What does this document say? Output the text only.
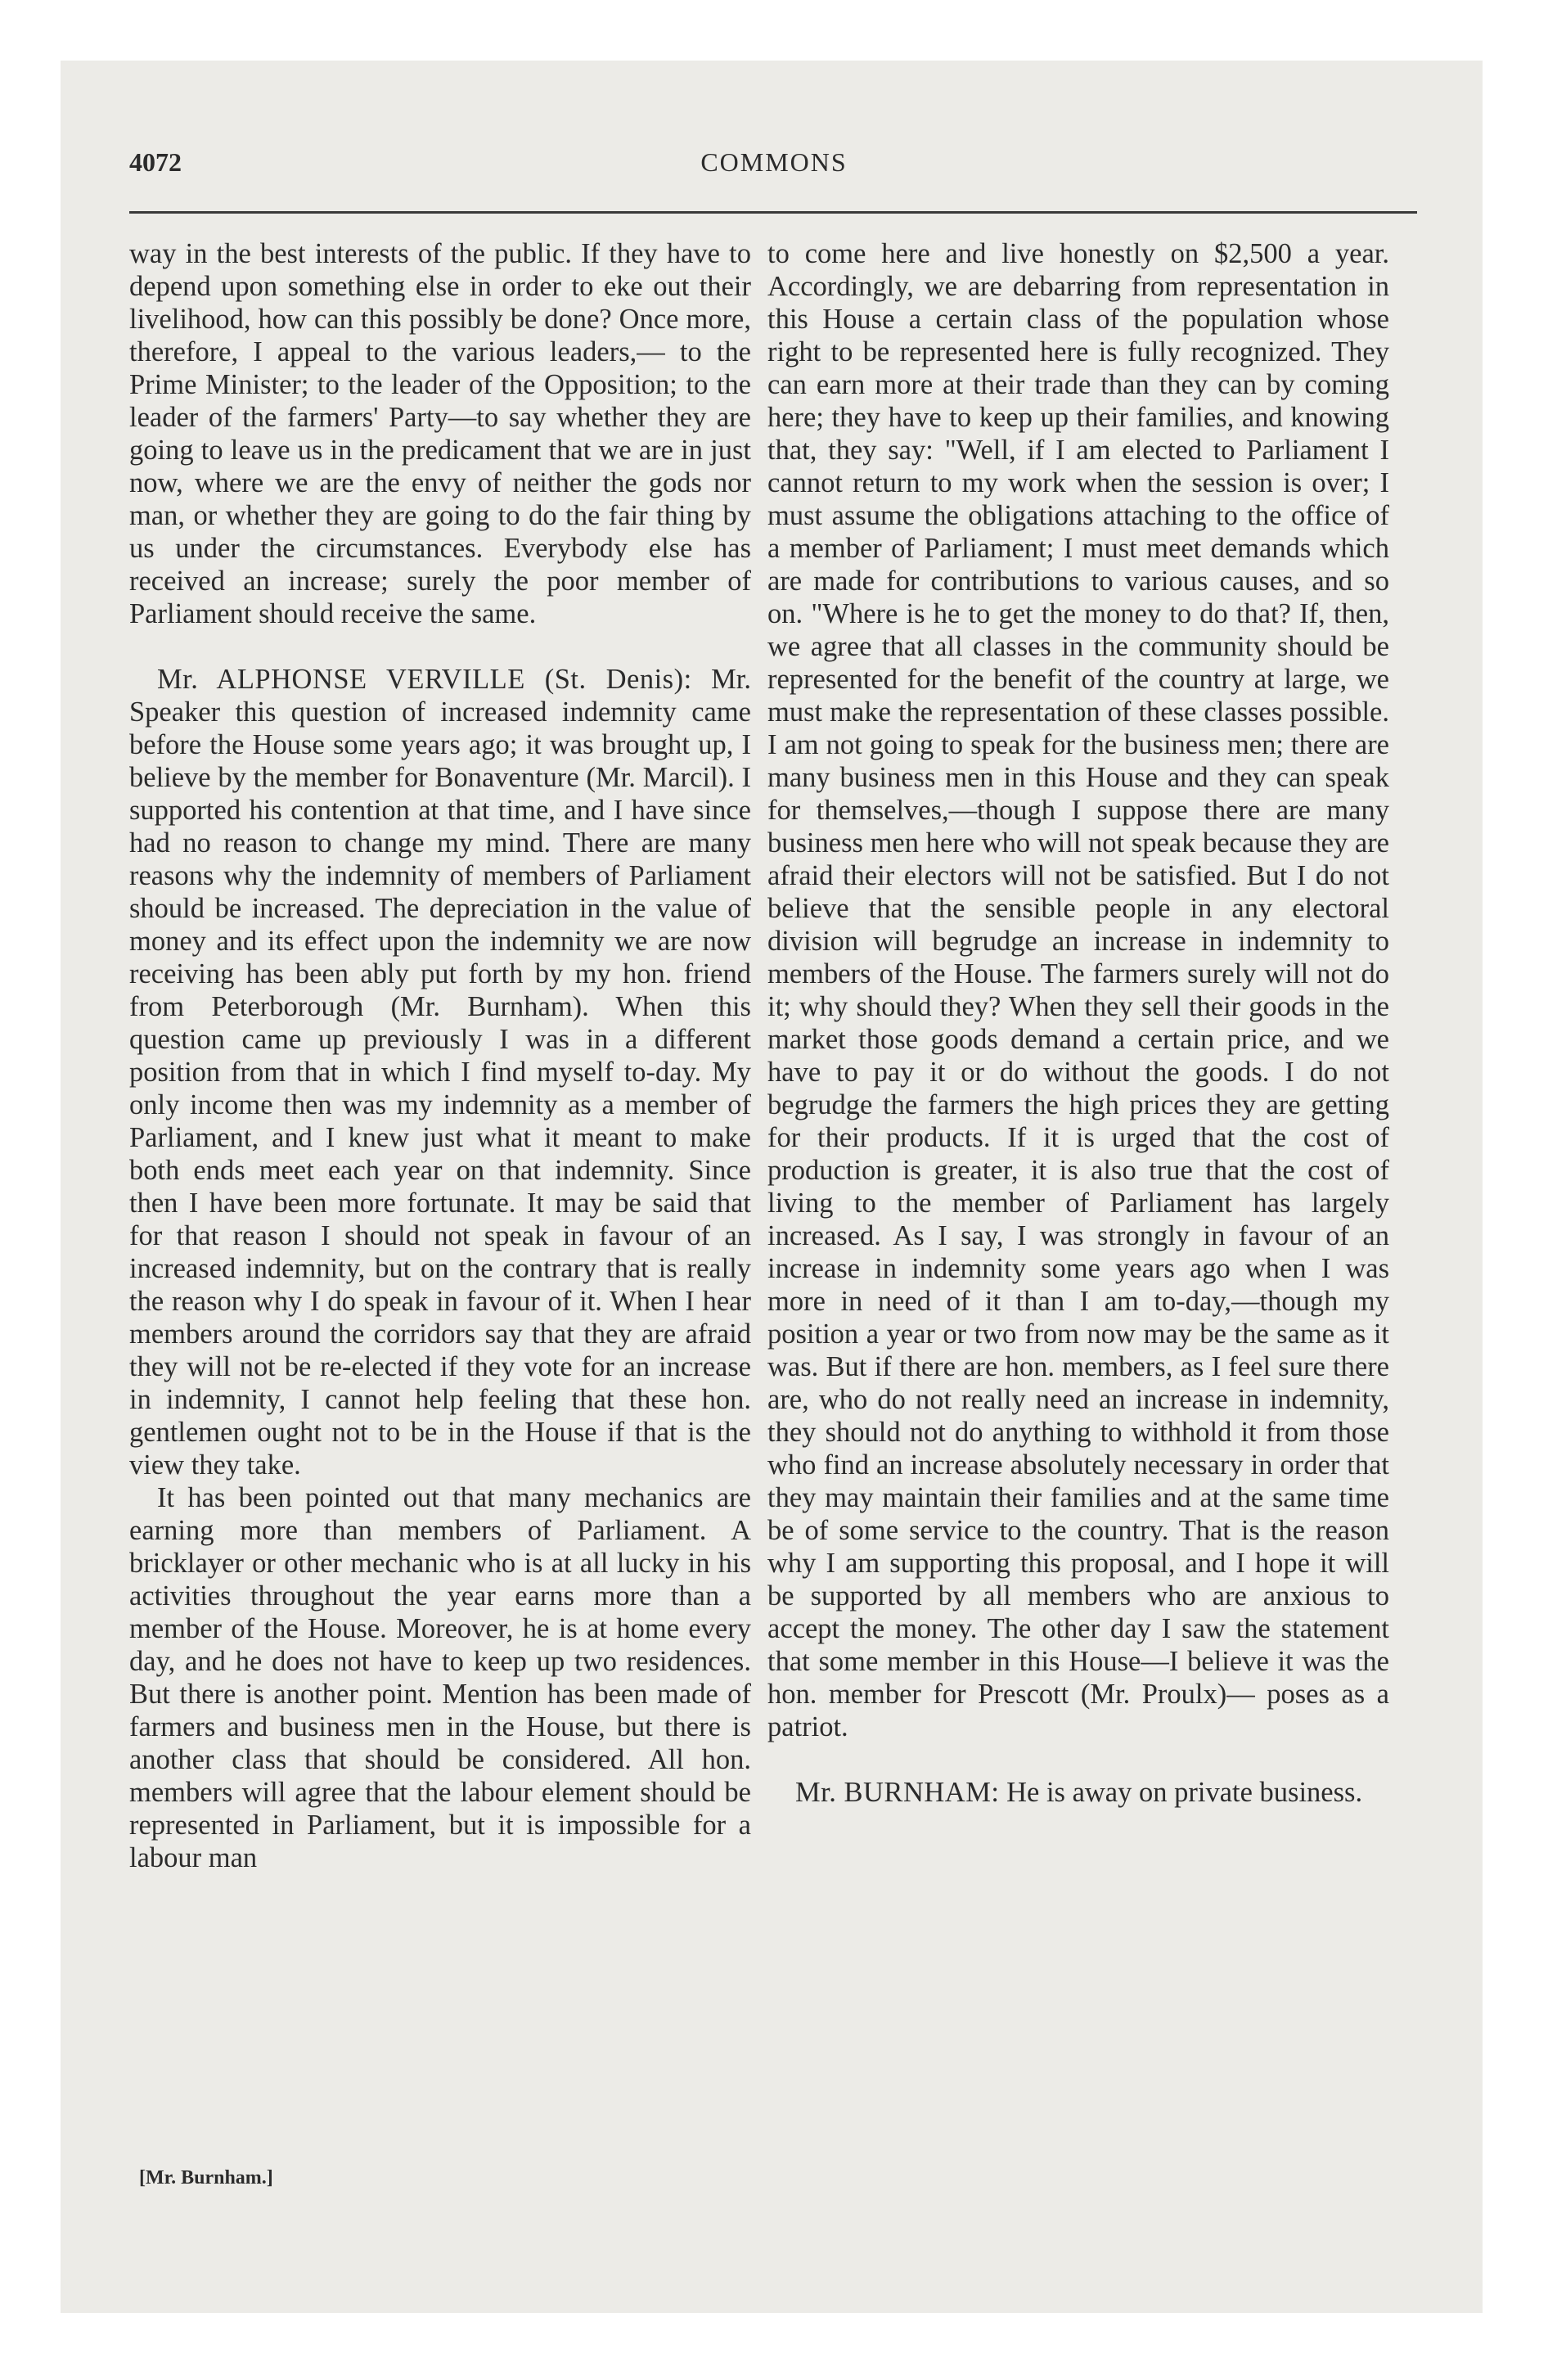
4072	COMMONS

way in the best interests of the public. If they have to depend upon something else in order to eke out their livelihood, how can this possibly be done? Once more, therefore, I appeal to the various leaders,— to the Prime Minister; to the leader of the Opposition; to the leader of the farmers' Party—to say whether they are going to leave us in the predicament that we are in just now, where we are the envy of neither the gods nor man, or whether they are going to do the fair thing by us under the circumstances. Everybody else has received an increase; surely the poor member of Parliament should receive the same.

Mr. ALPHONSE VERVILLE (St. Denis): Mr. Speaker this question of increased indemnity came before the House some years ago; it was brought up, I believe by the member for Bonaventure (Mr. Marcil). I supported his contention at that time, and I have since had no reason to change my mind. There are many reasons why the indemnity of members of Parliament should be increased. The depreciation in the value of money and its effect upon the indemnity we are now receiving has been ably put forth by my hon. friend from Peterborough (Mr. Burnham). When this question came up previously I was in a different position from that in which I find myself to-day. My only income then was my indemnity as a member of Parliament, and I knew just what it meant to make both ends meet each year on that indemnity. Since then I have been more fortunate. It may be said that for that reason I should not speak in favour of an increased indemnity, but on the contrary that is really the reason why I do speak in favour of it. When I hear members around the corridors say that they are afraid they will not be re-elected if they vote for an increase in indemnity, I cannot help feeling that these hon. gentlemen ought not to be in the House if that is the view they take.

It has been pointed out that many mechanics are earning more than members of Parliament. A bricklayer or other mechanic who is at all lucky in his activities throughout the year earns more than a member of the House. Moreover, he is at home every day, and he does not have to keep up two residences. But there is another point. Mention has been made of farmers and business men in the House, but there is another class that should be considered. All hon. members will agree that the labour element should be represented in Parliament, but it is impossible for a labour man

to come here and live honestly on $2,500 a year. Accordingly, we are debarring from representation in this House a certain class of the population whose right to be represented here is fully recognized. They can earn more at their trade than they can by coming here; they have to keep up their families, and knowing that, they say: "Well, if I am elected to Parliament I cannot return to my work when the session is over; I must assume the obligations attaching to the office of a member of Parliament; I must meet demands which are made for contributions to various causes, and so on. "Where is he to get the money to do that? If, then, we agree that all classes in the community should be represented for the benefit of the country at large, we must make the representation of these classes possible. I am not going to speak for the business men; there are many business men in this House and they can speak for themselves,—though I suppose there are many business men here who will not speak because they are afraid their electors will not be satisfied. But I do not believe that the sensible people in any electoral division will begrudge an increase in indemnity to members of the House. The farmers surely will not do it; why should they? When they sell their goods in the market those goods demand a certain price, and we have to pay it or do without the goods. I do not begrudge the farmers the high prices they are getting for their products. If it is urged that the cost of production is greater, it is also true that the cost of living to the member of Parliament has largely increased. As I say, I was strongly in favour of an increase in indemnity some years ago when I was more in need of it than I am to-day,—though my position a year or two from now may be the same as it was. But if there are hon. members, as I feel sure there are, who do not really need an increase in indemnity, they should not do anything to withhold it from those who find an increase absolutely necessary in order that they may maintain their families and at the same time be of some service to the country. That is the reason why I am supporting this proposal, and I hope it will be supported by all members who are anxious to accept the money. The other day I saw the statement that some member in this House—I believe it was the hon. member for Prescott (Mr. Proulx)— poses as a patriot.

Mr. BURNHAM: He is away on private business.

[Mr. Burnham.]
